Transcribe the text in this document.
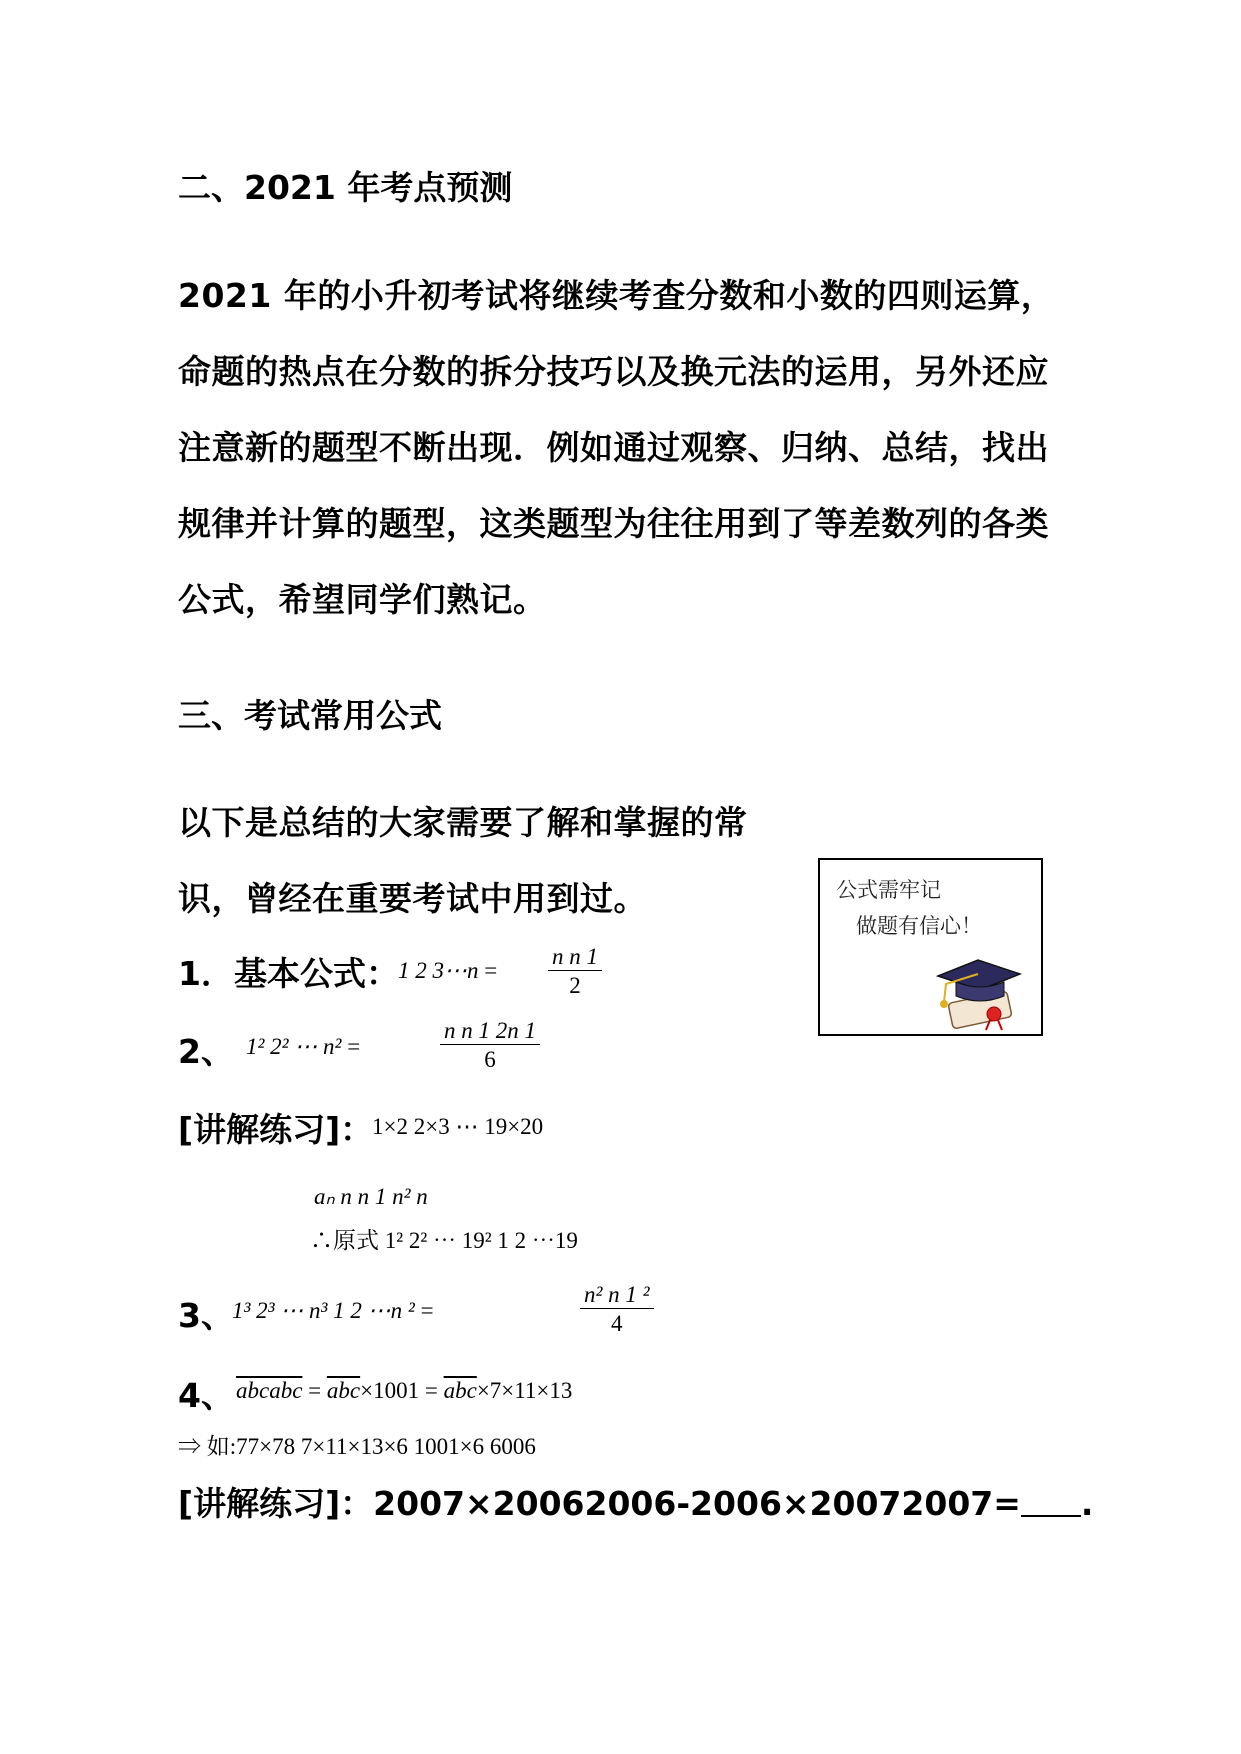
二、2021 年考点预测
2021 年的小升初考试将继续考查分数和小数的四则运算，命题的热点在分数的拆分技巧以及换元法的运用，另外还应注意新的题型不断出现．例如通过观察、归纳、总结，找出规律并计算的题型，这类题型为往往用到了等差数列的各类公式，希望同学们熟记。
三、考试常用公式
以下是总结的大家需要了解和掌握的常识，曾经在重要考试中用到过。	公式需牢记
做题有信心！
1．基本公式： 1 2 3⋯n = $\frac{\text{n n 1}}{2}$
2、 1² 2² ⋯ n² =	$\frac{\text{n n 1 2n 1}}{6}$
[讲解练习]：
1×2 2×3 ⋯ 19×20
aₙ n n 1 n² n
∴原式 1² 2² ⋯ 19² 1 2 ⋯19
3、
1³ 2³ ⋯ n³ 1 2 ⋯n ² =	$\frac{\text{n² n 1 ²}}{4}$
4、 abcabc = $\overline{abc}\times 1001 = \overline{abc}\times 7\times 11\times 13$
⇒ 如:77×78 7×11×13×6 1001×6 6006
[讲解练习]：2007×20062006-2006×20072007= .
